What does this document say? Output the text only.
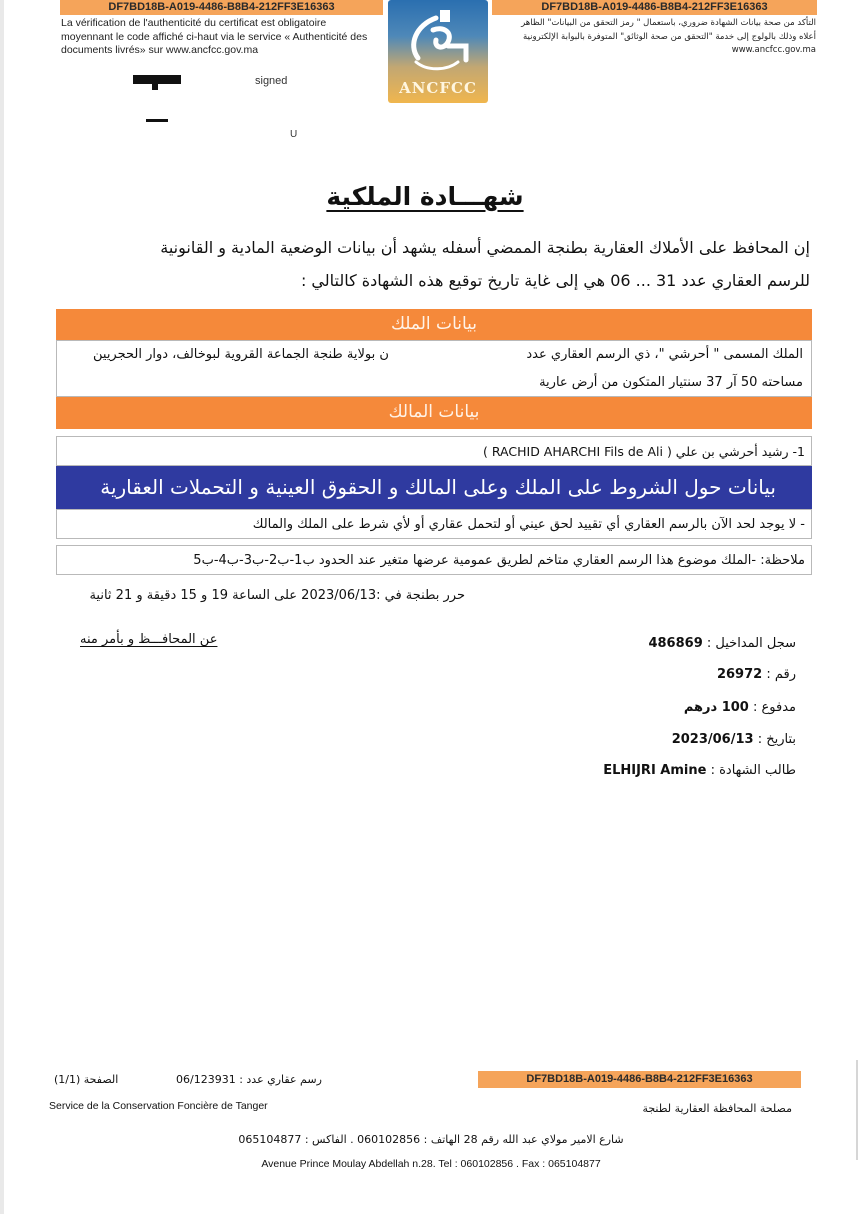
DF7BD18B-A019-4486-B8B4-212FF3E16363	DF7BD18B-A019-4486-B8B4-212FF3E16363
La vérification de l'authenticité du certificat est obligatoire moyennant le code affiché ci-haut via le service « Authenticité des documents livrés» sur www.ancfcc.gov.ma
التأكد من صحة بيانات الشهادة ضروري، باستعمال " رمز التحقق من البيانات" الظاهر أعلاه وذلك بالولوج إلى خدمة "التحقق من صحة الوثائق" المتوفرة بالبوابة الإلكترونية www.ancfcc.gov.ma
ANCFCC
signed
U
شهـــادة الملكية
إن المحافظ على الأملاك العقارية بطنجة الممضي أسفله يشهد أن بيانات الوضعية المادية و القانونية
للرسم العقاري عدد 31 ... 06 هي إلى غاية تاريخ توقيع هذه الشهادة كالتالي :
بيانات الملك
الملك المسمى " أحرشي "، ذي الرسم العقاري عدد
ن بولاية طنجة الجماعة القروية لبوخالف، دوار الحجريين
مساحته 50 آر 37 سنتيار المتكون من أرض عارية
بيانات المالك
1- رشيد أحرشي بن علي ( RACHID AHARCHI Fils de Ali )
بيانات حول الشروط على الملك وعلى المالك و الحقوق العينية و التحملات العقارية
- لا يوجد لحد الآن بالرسم العقاري أي تقييد لحق عيني أو لتحمل عقاري أو لأي شرط على الملك والمالك
ملاحظة: -الملك موضوع هذا الرسم العقاري متاخم لطريق عمومية عرضها متغير عند الحدود ب1-ب2-ب3-ب4-ب5
حرر بطنجة في :2023/06/13 على الساعة 19 و 15 دقيقة و 21 ثانية
عن المحافـــظ و بأمر منه	سجل المداخيل : 486869
رقم : 26972
مدفوع : 100 درهم
بتاريخ : 2023/06/13
طالب الشهادة : ELHIJRI Amine
الصفحة (1/1)	رسم عقاري عدد : 06/123931	DF7BD18B-A019-4486-B8B4-212FF3E16363
Service de la Conservation Foncière de Tanger	مصلحة المحافظة العقارية لطنجة
شارع الامير مولاي عبد الله رقم 28 الهاتف : 060102856 . الفاكس : 065104877
Avenue Prince Moulay Abdellah n.28. Tel : 060102856 . Fax : 065104877
